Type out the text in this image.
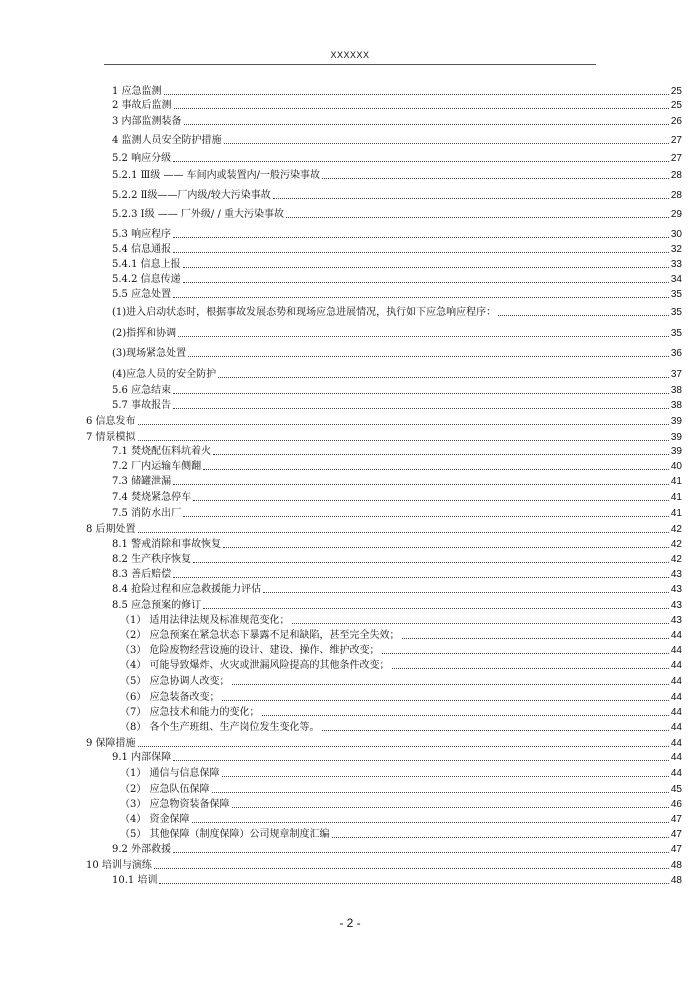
XXXXXX
1 应急监测	25
2 事故后监测	25
3 内部监测装备	26
4 监测人员安全防护措施	27
5.2 响应分级	27
5.2.1 Ⅲ级 —— 车间内或装置内/一般污染事故	28
5.2.2 Ⅱ级——厂内级/较大污染事故	28
5.2.3 Ⅰ级 —— 厂外级/ / 重大污染事故	29
5.3 响应程序	30
5.4 信息通报	32
5.4.1 信息上报	33
5.4.2 信息传递	34
5.5 应急处置	35
(1)进入启动状态时，根据事故发展态势和现场应急进展情况，执行如下应急响应程序：	35
(2)指挥和协调	35
(3)现场紧急处置	36
(4)应急人员的安全防护	37
5.6 应急结束	38
5.7 事故报告	38
6 信息发布	39
7 情景模拟	39
7.1 焚烧配伍料坑着火	39
7.2 厂内运输车侧翻	40
7.3 储罐泄漏	41
7.4 焚烧紧急停车	41
7.5 消防水出厂	41
8 后期处置	42
8.1 警戒消除和事故恢复	42
8.2 生产秩序恢复	42
8.3 善后赔偿	43
8.4 抢险过程和应急救援能力评估	43
8.5 应急预案的修订	43
（1） 适用法律法规及标准规范变化；	43
（2） 应急预案在紧急状态下暴露不足和缺陷，甚至完全失效；	44
（3） 危险废物经营设施的设计、建设、操作、维护改变；	44
（4） 可能导致爆炸、火灾或泄漏风险提高的其他条件改变；	44
（5） 应急协调人改变；	44
（6） 应急装备改变；	44
（7） 应急技术和能力的变化；	44
（8） 各个生产班组、生产岗位发生变化等。	44
9 保障措施	44
9.1 内部保障	44
（1） 通信与信息保障	44
（2） 应急队伍保障	45
（3） 应急物资装备保障	46
（4） 资金保障	47
（5） 其他保障（制度保障）公司规章制度汇编	47
9.2 外部救援	47
10 培训与演练	48
10.1 培训	48
- 2 -
